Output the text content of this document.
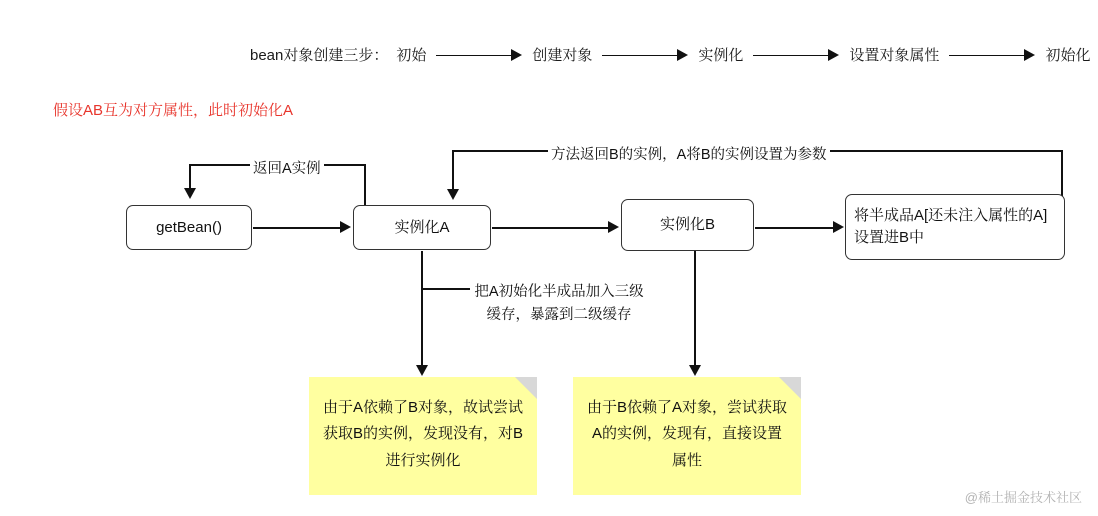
bean对象创建三步： 初始	创建对象	实例化	设置对象属性	初始化
假设AB互为对方属性，此时初始化A
返回A实例
方法返回B的实例，A将B的实例设置为参数
把A初始化半成品加入三级缓存，暴露到二级缓存
getBean()	实例化A	实例化B
将半成品A[还未注入属性的A]设置进B中
由于A依赖了B对象，故试尝试获取B的实例，发现没有，对B进行实例化
由于B依赖了A对象，尝试获取A的实例，发现有，直接设置属性
@稀土掘金技术社区
